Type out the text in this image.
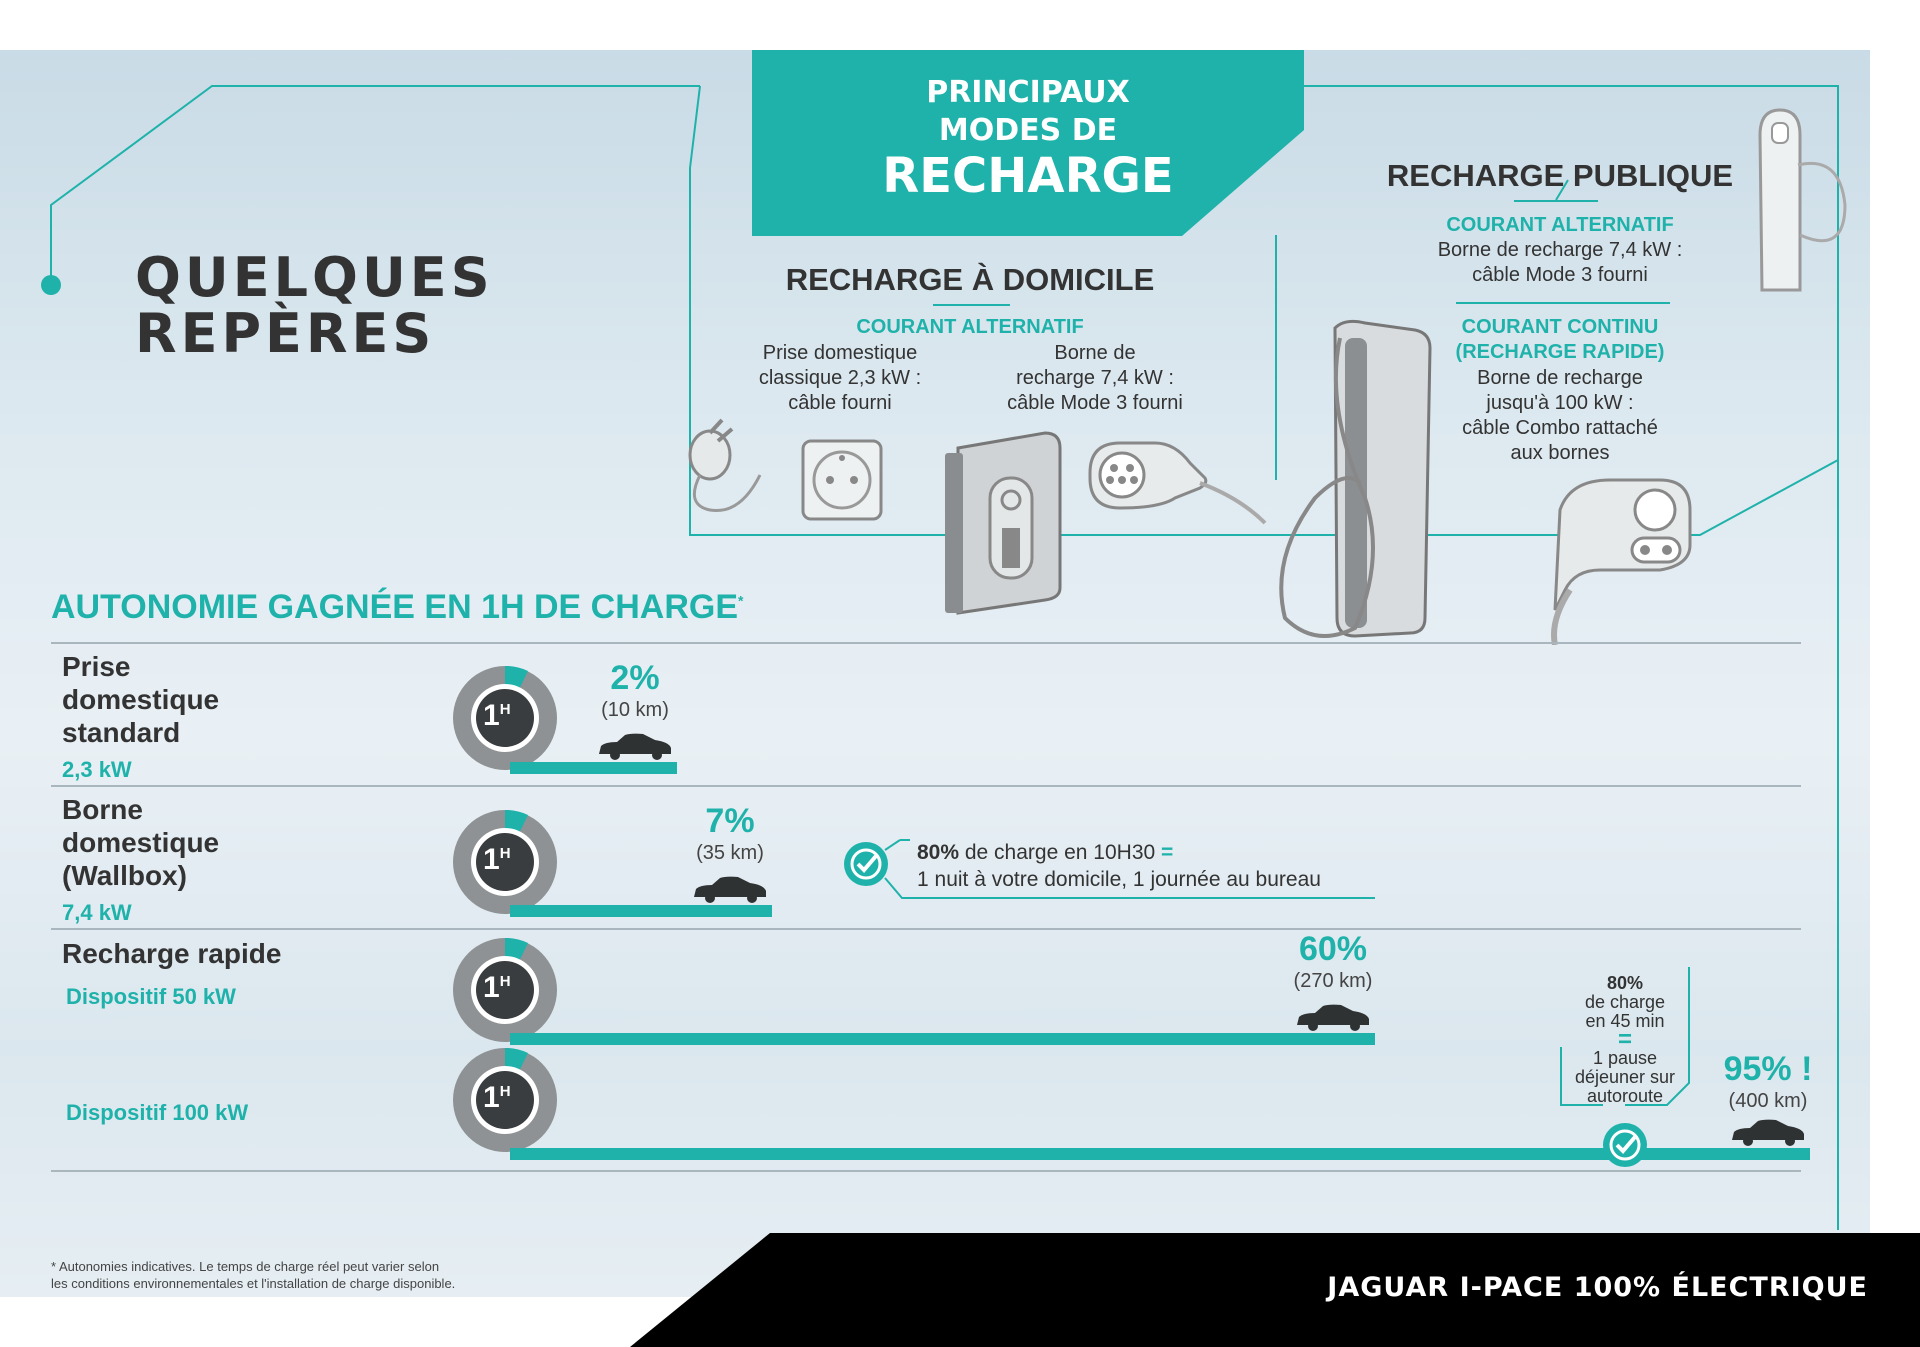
QUELQUES
REPÈRES
PRINCIPAUX
MODES DE
RECHARGE
RECHARGE À DOMICILE
COURANT ALTERNATIF
Prise domestique
classique 2,3 kW :
câble fourni
Borne de
recharge 7,4 kW :
câble Mode 3 fourni
RECHARGE PUBLIQUE
COURANT ALTERNATIF
Borne de recharge 7,4 kW :
câble Mode 3 fourni
COURANT CONTINU
(RECHARGE RAPIDE)
Borne de recharge
jusqu'à 100 kW :
câble Combo rattaché
aux bornes
AUTONOMIE GAGNÉE EN 1H DE CHARGE*
Prise
domestique
standard
2,3 kW
Borne
domestique
(Wallbox)
7,4 kW
Recharge rapide
Dispositif 50 kW
Dispositif 100 kW
$1^H$
$1^H$
$1^H$
$1^H$
2%
(10 km)
7%
(35 km)
60%
(270 km)
95% !
(400 km)
80% de charge en 10H30 =
1 nuit à votre domicile, 1 journée au bureau
80%
de charge
en 45 min
=
1 pause
déjeuner sur
autoroute
* Autonomies indicatives. Le temps de charge réel peut varier selon
les conditions environnementales et l'installation de charge disponible.	JAGUAR I-PACE 100% ÉLECTRIQUE
